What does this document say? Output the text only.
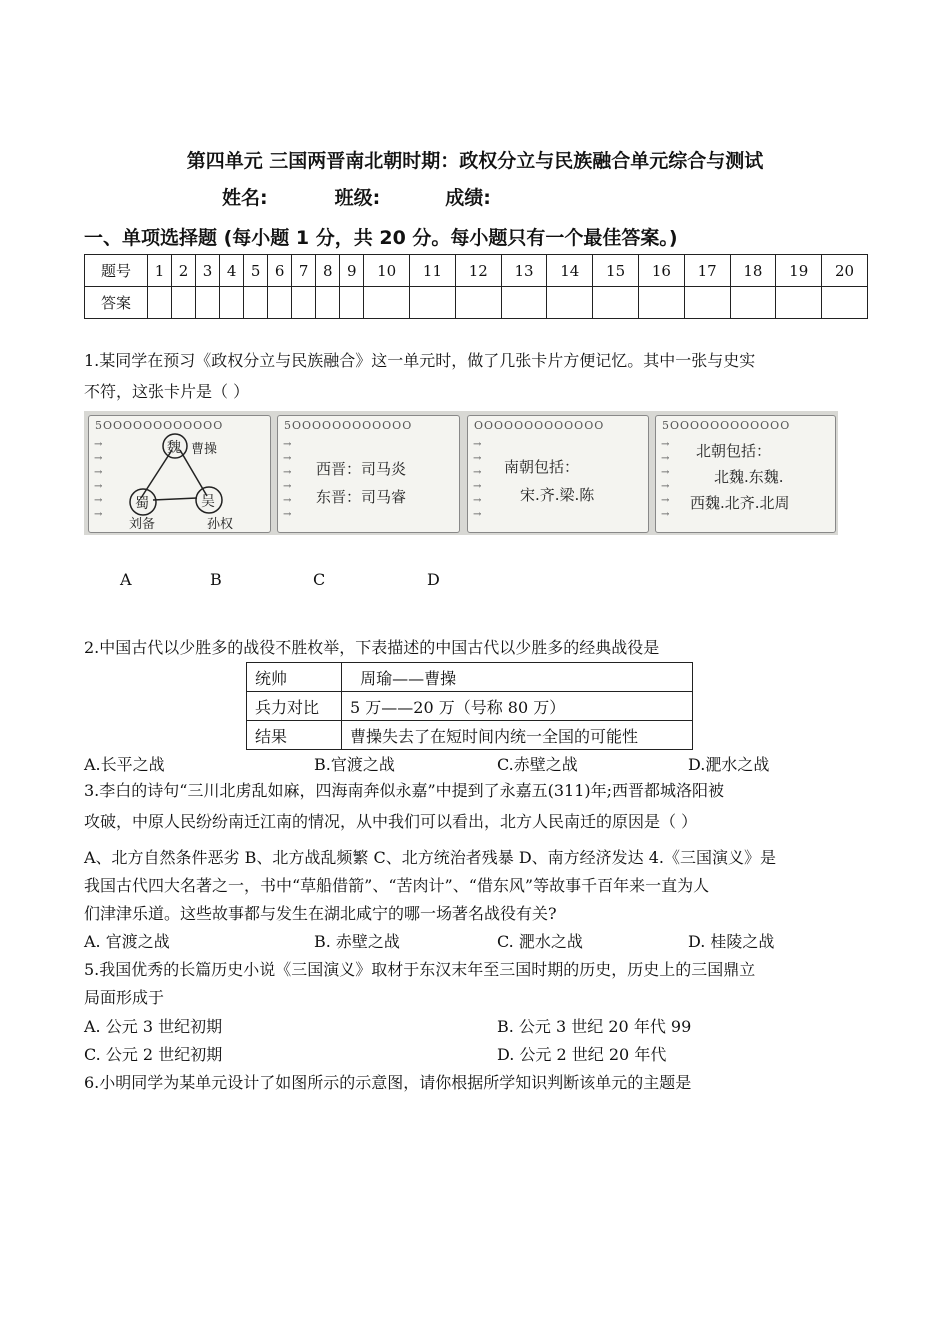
第四单元 三国两晋南北朝时期：政权分立与民族融合单元综合与测试
姓名:	班级:	成绩:
一、单项选择题 (每小题 1 分，共 20 分。每小题只有一个最佳答案。)
题号	1	2	3	4	5	6	7	8	9	10	11	12	13	14	15	16	17	18	19	20
答案																				
1.某同学在预习《政权分立与民族融合》这一单元时，做了几张卡片方便记忆。其中一张与史实
不符，这张卡片是（ ）
5OOOOOOOOOOOO
→
→
→
→
→
→
魏 曹操
蜀	吴
刘备	孙权
5OOOOOOOOOOOO
→
→
→
→
→
→
西晋：司马炎
东晋：司马睿
OOOOOOOOOOOOO
→
→
→
→
→
→
南朝包括：
宋.齐.梁.陈
5OOOOOOOOOOOO
→
→
→
→
→
→
北朝包括：
北魏.东魏.
西魏.北齐.北周
A	B	C	D
2.中国古代以少胜多的战役不胜枚举，下表描述的中国古代以少胜多的经典战役是
统帅	周瑜——曹操
兵力对比	5 万——20 万（号称 80 万）
结果	曹操失去了在短时间内统一全国的可能性
A.长平之战	B.官渡之战	C.赤壁之战	D.淝水之战
3.李白的诗句“三川北虏乱如麻，四海南奔似永嘉”中提到了永嘉五(311)年;西晋都城洛阳被
攻破，中原人民纷纷南迁江南的情况，从中我们可以看出，北方人民南迁的原因是（ ）
A、北方自然条件恶劣 B、北方战乱频繁 C、北方统治者残暴 D、南方经济发达 4.《三国演义》是
我国古代四大名著之一，书中“草船借箭”、“苦肉计”、“借东风”等故事千百年来一直为人
们津津乐道。这些故事都与发生在湖北咸宁的哪一场著名战役有关?
A. 官渡之战	B. 赤壁之战	C. 淝水之战	D. 桂陵之战
5.我国优秀的长篇历史小说《三国演义》取材于东汉末年至三国时期的历史，历史上的三国鼎立
局面形成于
A. 公元 3 世纪初期	B. 公元 3 世纪 20 年代 99
C. 公元 2 世纪初期	D. 公元 2 世纪 20 年代
6.小明同学为某单元设计了如图所示的示意图，请你根据所学知识判断该单元的主题是
